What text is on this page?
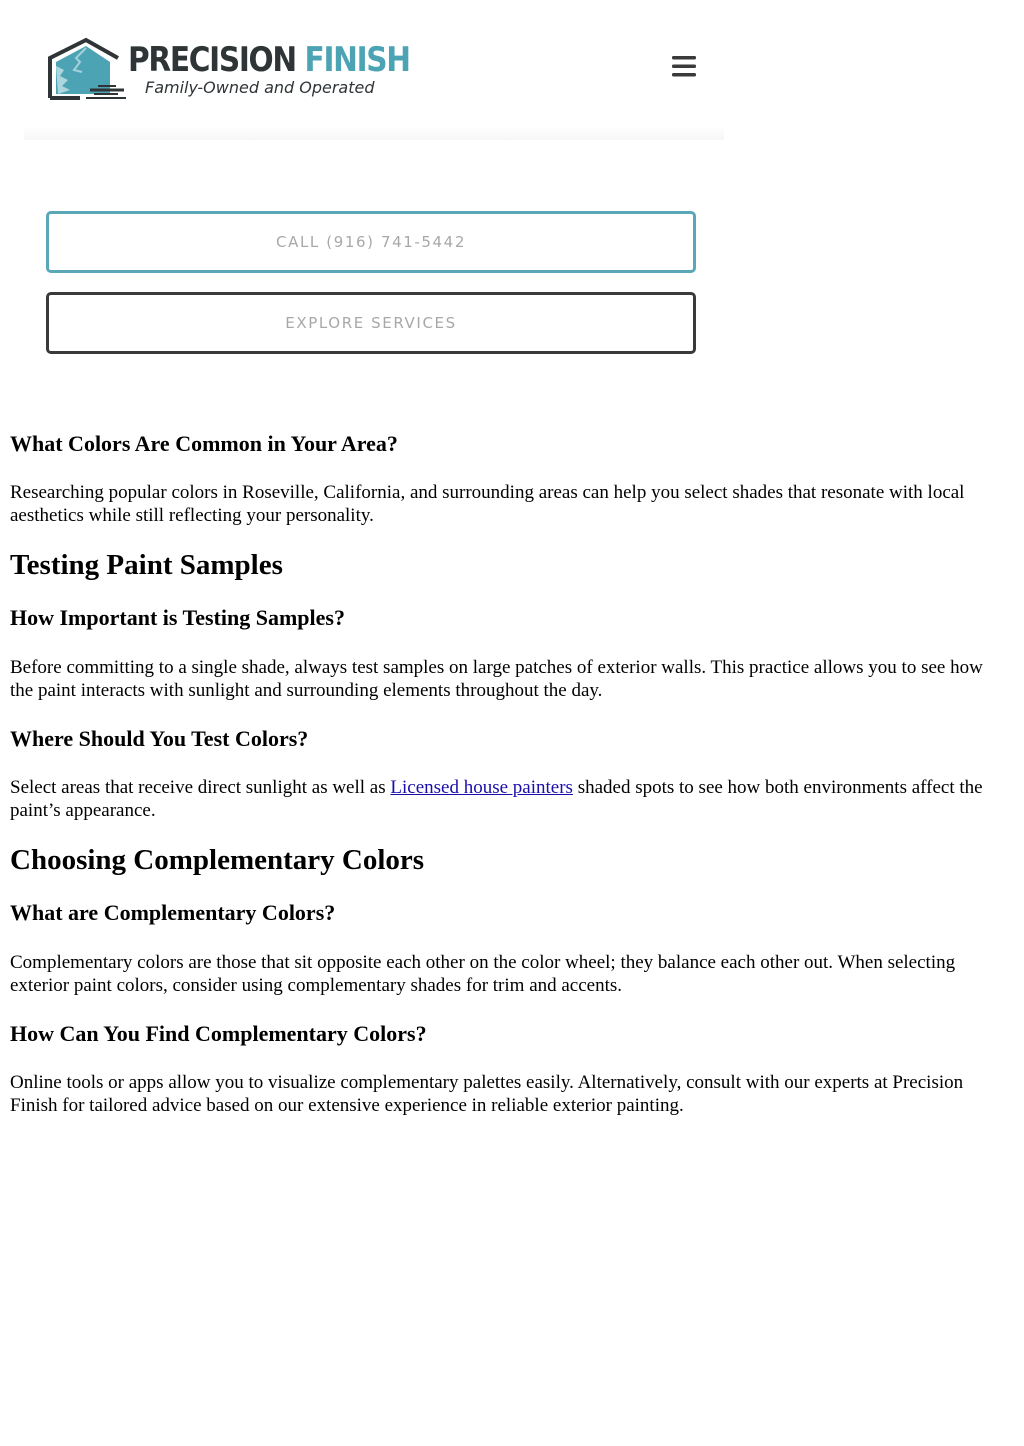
PRECISION FINISH
Family-Owned and Operated
CALL (916) 741-5442
EXPLORE SERVICES
What Colors Are Common in Your Area?

Researching popular colors in Roseville, California, and surrounding areas can help you select shades that resonate with local aesthetics while still reflecting your personality.

Testing Paint Samples
How Important is Testing Samples?

Before committing to a single shade, always test samples on large patches of exterior walls. This practice allows you to see how the paint interacts with sunlight and surrounding elements throughout the day.

Where Should You Test Colors?

Select areas that receive direct sunlight as well as Licensed house painters shaded spots to see how both environments affect the paint’s appearance.

Choosing Complementary Colors
What are Complementary Colors?

Complementary colors are those that sit opposite each other on the color wheel; they balance each other out. When selecting exterior paint colors, consider using complementary shades for trim and accents.

How Can You Find Complementary Colors?

Online tools or apps allow you to visualize complementary palettes easily. Alternatively, consult with our experts at Precision Finish for tailored advice based on our extensive experience in reliable exterior painting.
